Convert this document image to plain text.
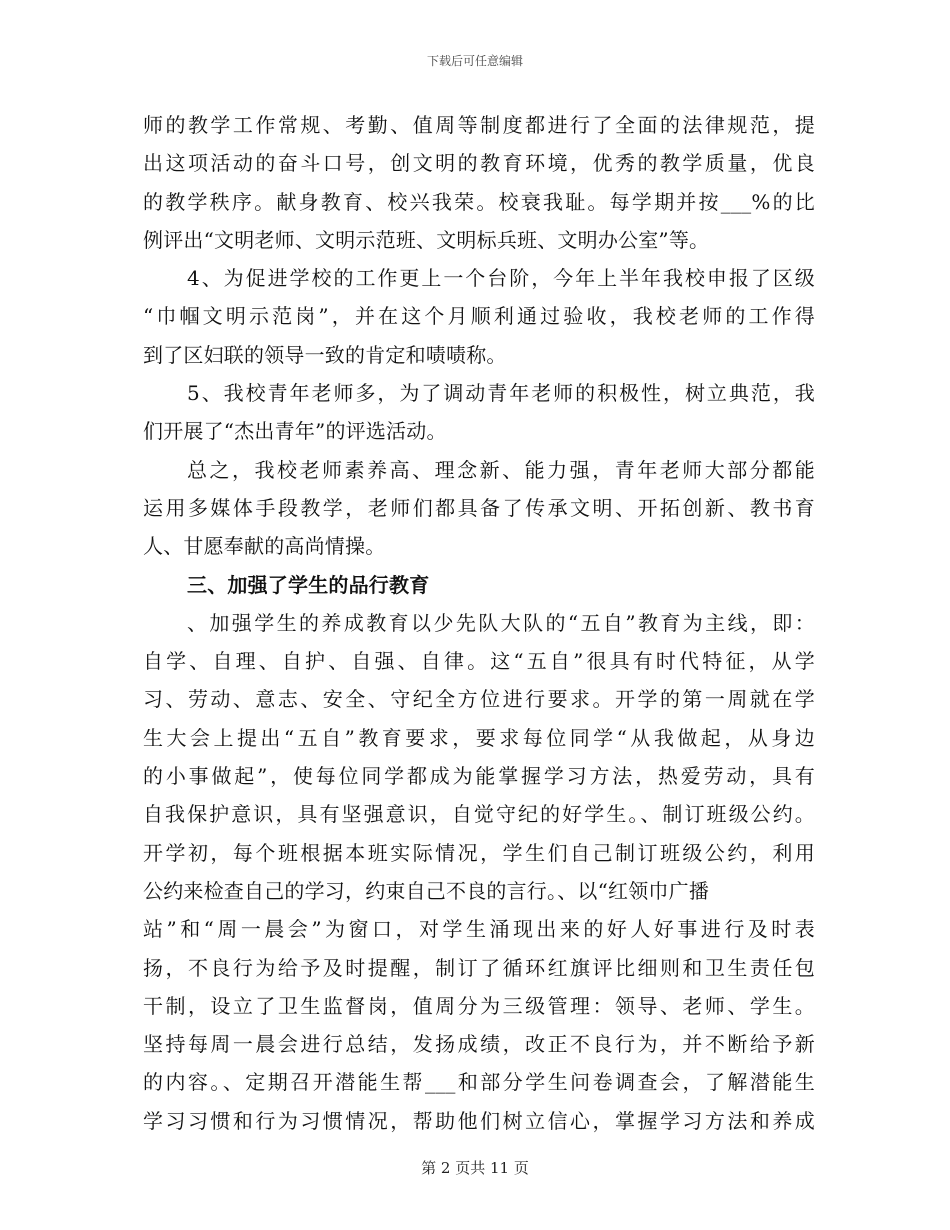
下载后可任意编辑
师的教学工作常规、考勤、值周等制度都进行了全面的法律规范，提
出这项活动的奋斗口号，创文明的教育环境，优秀的教学质量，优良
的教学秩序。献身教育、校兴我荣。校衰我耻。每学期并按___%的比
例评出“文明老师、文明示范班、文明标兵班、文明办公室”等。
4、为促进学校的工作更上一个台阶，今年上半年我校申报了区级
“巾帼文明示范岗”，并在这个月顺利通过验收，我校老师的工作得
到了区妇联的领导一致的肯定和啧啧称。
5、我校青年老师多，为了调动青年老师的积极性，树立典范，我
们开展了“杰出青年”的评选活动。
总之，我校老师素养高、理念新、能力强，青年老师大部分都能
运用多媒体手段教学，老师们都具备了传承文明、开拓创新、教书育
人、甘愿奉献的高尚情操。
三、加强了学生的品行教育
、加强学生的养成教育以少先队大队的“五自”教育为主线，即：
自学、自理、自护、自强、自律。这“五自”很具有时代特征，从学
习、劳动、意志、安全、守纪全方位进行要求。开学的第一周就在学
生大会上提出“五自”教育要求，要求每位同学“从我做起，从身边
的小事做起”，使每位同学都成为能掌握学习方法，热爱劳动，具有
自我保护意识，具有坚强意识，自觉守纪的好学生。、制订班级公约。
开学初，每个班根据本班实际情况，学生们自己制订班级公约，利用
公约来检查自己的学习，约束自己不良的言行。、以“红领巾广播
站”和“周一晨会”为窗口，对学生涌现出来的好人好事进行及时表
扬，不良行为给予及时提醒，制订了循环红旗评比细则和卫生责任包
干制，设立了卫生监督岗，值周分为三级管理：领导、老师、学生。
坚持每周一晨会进行总结，发扬成绩，改正不良行为，并不断给予新
的内容。、定期召开潜能生帮___和部分学生问卷调查会，了解潜能生
学习习惯和行为习惯情况，帮助他们树立信心，掌握学习方法和养成
第 2 页共 11 页
